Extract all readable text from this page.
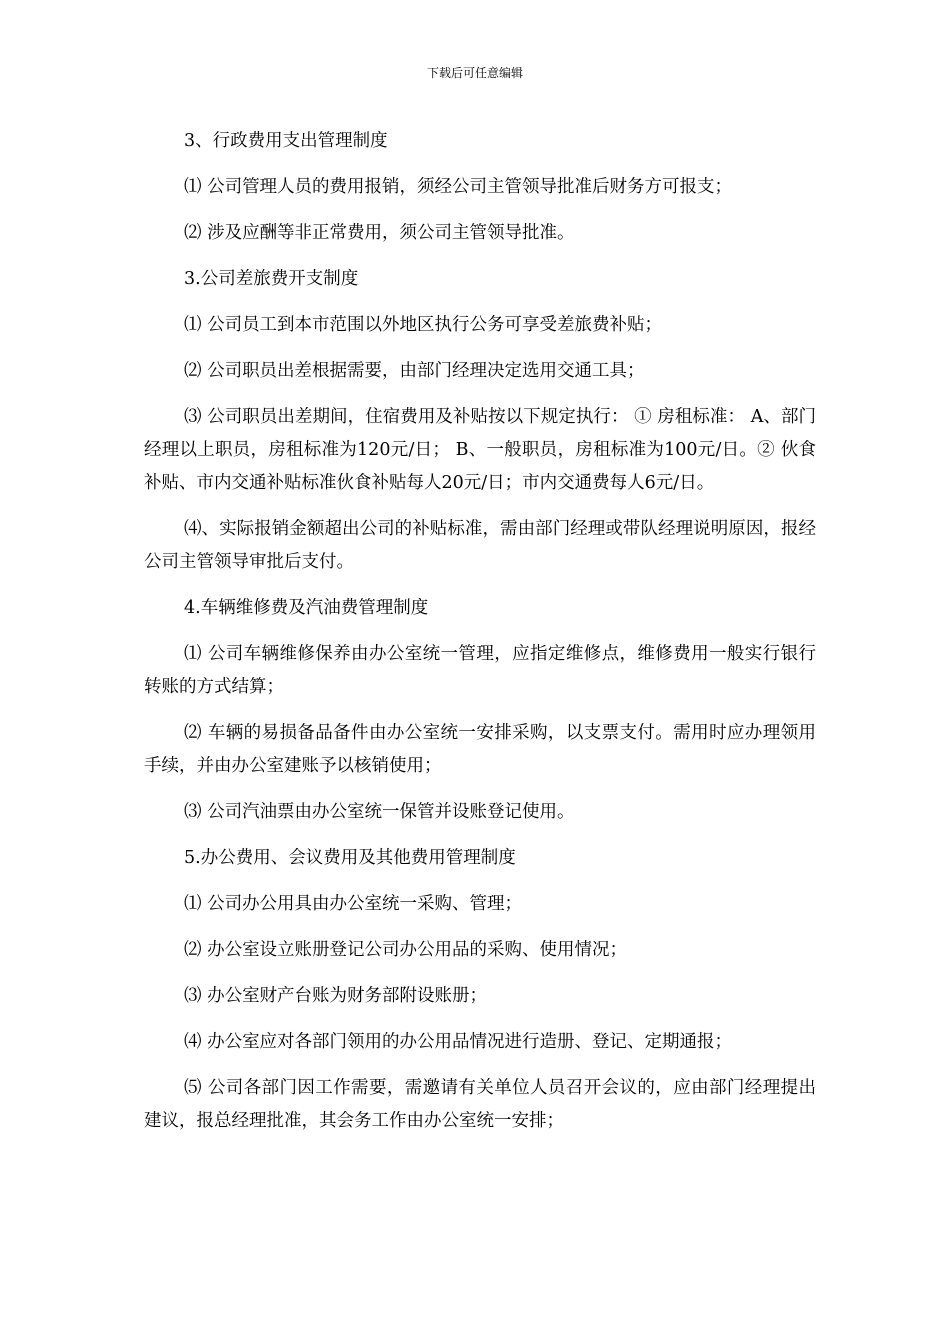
下载后可任意编辑

3、行政费用支出管理制度

⑴ 公司管理人员的费用报销，须经公司主管领导批准后财务方可报支；

⑵ 涉及应酬等非正常费用，须公司主管领导批准。

3.公司差旅费开支制度

⑴ 公司员工到本市范围以外地区执行公务可享受差旅费补贴；

⑵ 公司职员出差根据需要，由部门经理决定选用交通工具；

⑶ 公司职员出差期间，住宿费用及补贴按以下规定执行： ① 房租标准： A、部门经理以上职员，房租标准为120元/日； B、一般职员，房租标准为100元/日。② 伙食补贴、市内交通补贴标准伙食补贴每人20元/日；市内交通费每人6元/日。

⑷、实际报销金额超出公司的补贴标准，需由部门经理或带队经理说明原因，报经公司主管领导审批后支付。

4.车辆维修费及汽油费管理制度

⑴ 公司车辆维修保养由办公室统一管理，应指定维修点，维修费用一般实行银行转账的方式结算；

⑵ 车辆的易损备品备件由办公室统一安排采购，以支票支付。需用时应办理领用手续，并由办公室建账予以核销使用；

⑶ 公司汽油票由办公室统一保管并设账登记使用。

5.办公费用、会议费用及其他费用管理制度

⑴ 公司办公用具由办公室统一采购、管理；

⑵ 办公室设立账册登记公司办公用品的采购、使用情况；

⑶ 办公室财产台账为财务部附设账册；

⑷ 办公室应对各部门领用的办公用品情况进行造册、登记、定期通报；

⑸ 公司各部门因工作需要，需邀请有关单位人员召开会议的，应由部门经理提出建议，报总经理批准，其会务工作由办公室统一安排；
